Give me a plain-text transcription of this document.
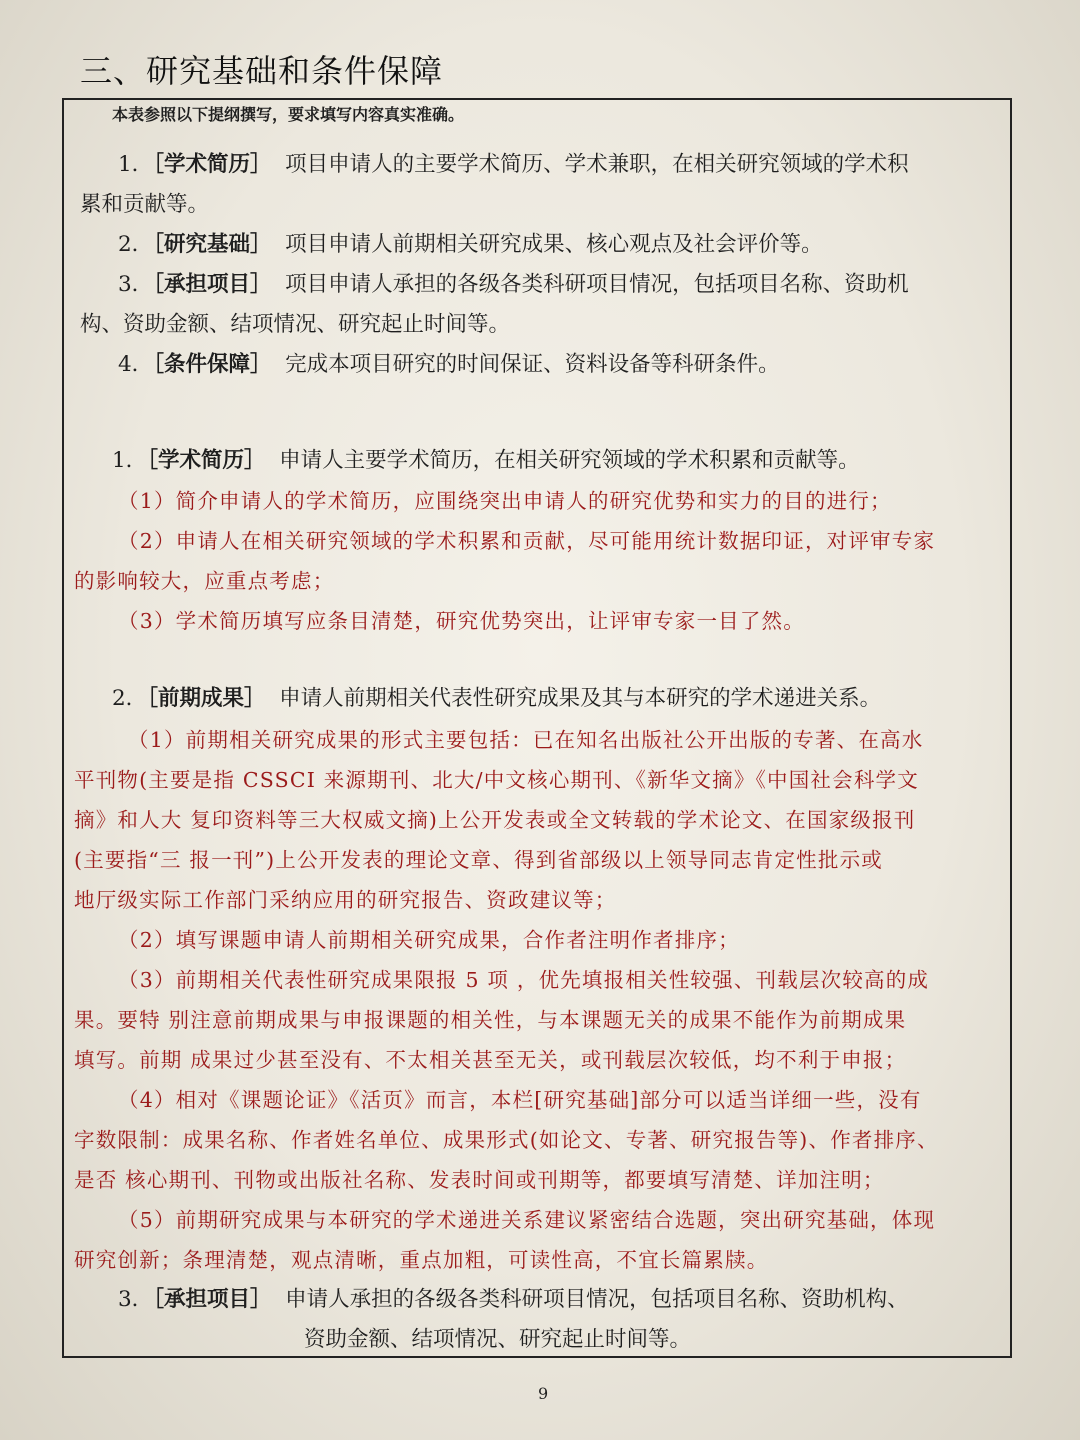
三、研究基础和条件保障
本表参照以下提纲撰写，要求填写内容真实准确。
1．［学术简历］ 项目申请人的主要学术简历、学术兼职，在相关研究领域的学术积
累和贡献等。
2．［研究基础］ 项目申请人前期相关研究成果、核心观点及社会评价等。
3．［承担项目］ 项目申请人承担的各级各类科研项目情况，包括项目名称、资助机
构、资助金额、结项情况、研究起止时间等。
4．［条件保障］ 完成本项目研究的时间保证、资料设备等科研条件。
1．［学术简历］ 申请人主要学术简历，在相关研究领域的学术积累和贡献等。
（1）简介申请人的学术简历，应围绕突出申请人的研究优势和实力的目的进行；
（2）申请人在相关研究领域的学术积累和贡献，尽可能用统计数据印证，对评审专家
的影响较大，应重点考虑；
（3）学术简历填写应条目清楚，研究优势突出，让评审专家一目了然。
2．［前期成果］ 申请人前期相关代表性研究成果及其与本研究的学术递进关系。
（1）前期相关研究成果的形式主要包括：已在知名出版社公开出版的专著、在高水
平刊物(主要是指 CSSCI 来源期刊、北大/中文核心期刊、《新华文摘》《中国社会科学文
摘》和人大 复印资料等三大权威文摘)上公开发表或全文转载的学术论文、在国家级报刊
(主要指“三 报一刊”)上公开发表的理论文章、得到省部级以上领导同志肯定性批示或
地厅级实际工作部门采纳应用的研究报告、资政建议等；
（2）填写课题申请人前期相关研究成果，合作者注明作者排序；
（3）前期相关代表性研究成果限报 5 项 ，优先填报相关性较强、刊载层次较高的成
果。要特 别注意前期成果与申报课题的相关性，与本课题无关的成果不能作为前期成果
填写。前期 成果过少甚至没有、不太相关甚至无关，或刊载层次较低，均不利于申报；
（4）相对《课题论证》《活页》而言，本栏[研究基础]部分可以适当详细一些，没有
字数限制：成果名称、作者姓名单位、成果形式(如论文、专著、研究报告等)、作者排序、
是否 核心期刊、刊物或出版社名称、发表时间或刊期等，都要填写清楚、详加注明；
（5）前期研究成果与本研究的学术递进关系建议紧密结合选题，突出研究基础，体现
研究创新；条理清楚，观点清晰，重点加粗，可读性高，不宜长篇累牍。
3．［承担项目］ 申请人承担的各级各类科研项目情况，包括项目名称、资助机构、
资助金额、结项情况、研究起止时间等。
9
